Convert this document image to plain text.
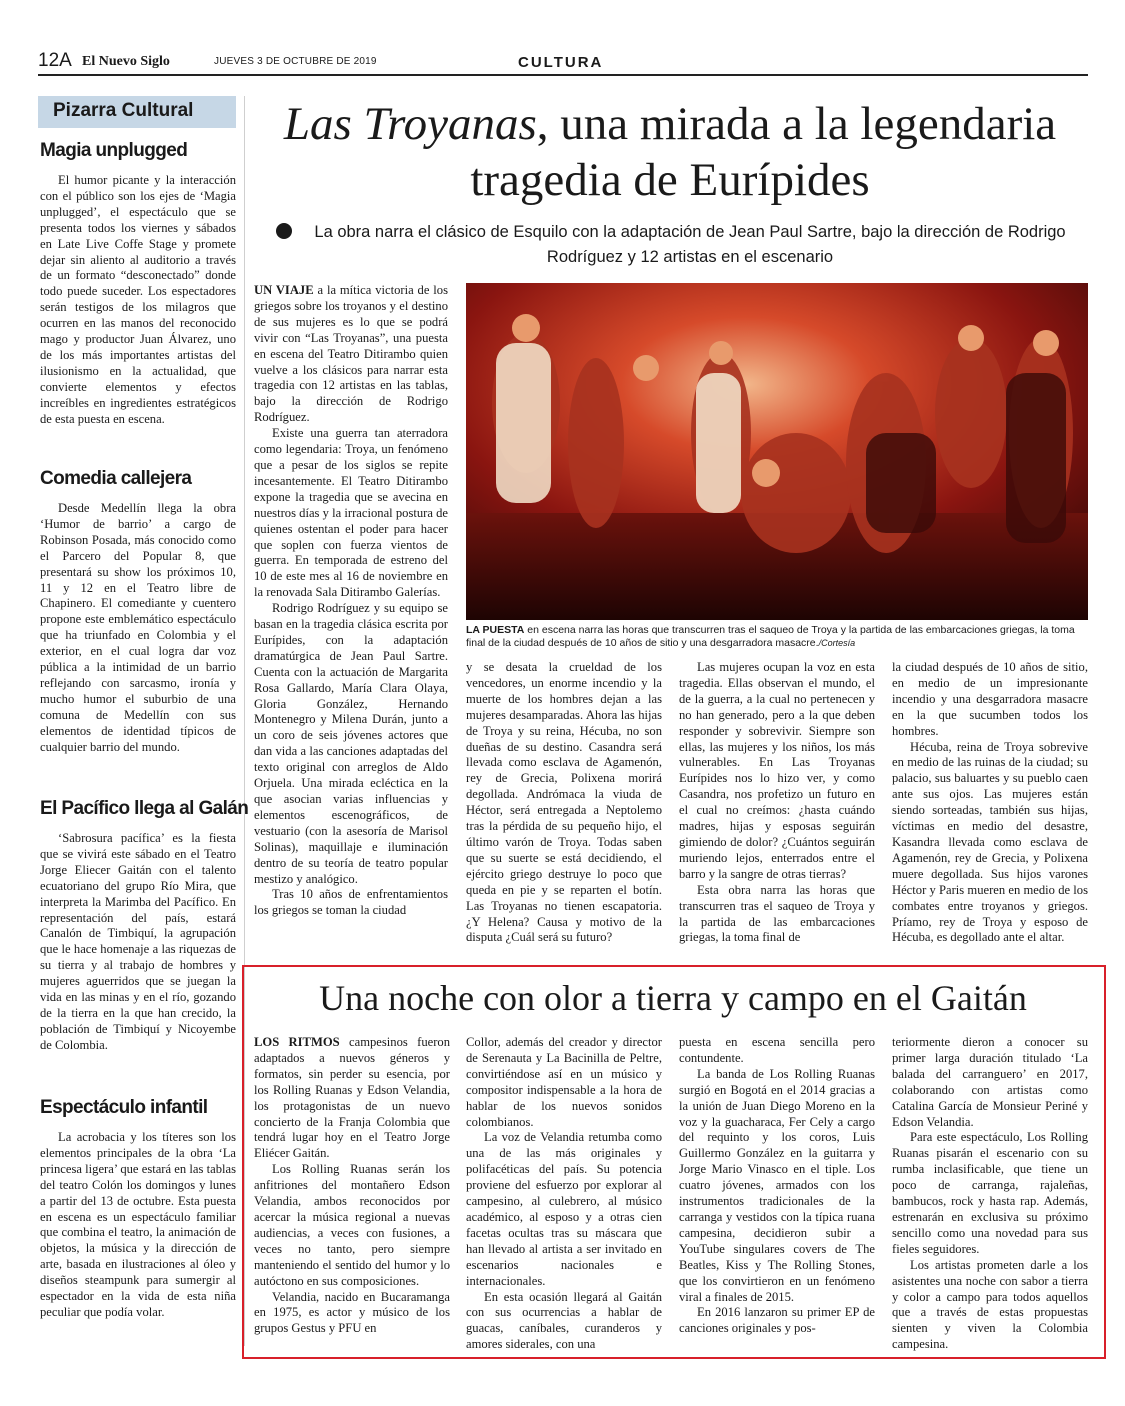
12A El Nuevo Siglo	JUEVES 3 DE OCTUBRE DE 2019	CULTURA
Pizarra Cultural
Magia unplugged

El humor picante y la interacción con el público son los ejes de ‘Magia unplugged’, el espectáculo que se presenta todos los viernes y sábados en Late Live Coffe Stage y promete dejar sin aliento al auditorio a través de un formato “desconectado” donde todo puede suceder. Los espectadores serán testigos de los milagros que ocurren en las manos del reconocido mago y productor Juan Álvarez, uno de los más importantes artistas del ilusionismo en la actualidad, que convierte elementos y efectos increíbles en ingredientes estratégicos de esta puesta en escena.

Comedia callejera

Desde Medellín llega la obra ‘Humor de barrio’ a cargo de Robinson Posada, más conocido como el Parcero del Popular 8, que presentará su show los próximos 10, 11 y 12 en el Teatro libre de Chapinero. El comediante y cuentero propone este emblemático espectáculo que ha triunfado en Colombia y el exterior, en el cual logra dar voz pública a la intimidad de un barrio reflejando con sarcasmo, ironía y mucho humor el suburbio de una comuna de Medellín con sus elementos de identidad típicos de cualquier barrio del mundo.

El Pacífico llega al Galán

‘Sabrosura pacífica’ es la fiesta que se vivirá este sábado en el Teatro Jorge Eliecer Gaitán con el talento ecuatoriano del grupo Río Mira, que interpreta la Marimba del Pacífico. En representación del país, estará Canalón de Timbiquí, la agrupación que le hace homenaje a las riquezas de su tierra y al trabajo de hombres y mujeres aguerridos que se juegan la vida en las minas y en el río, gozando de la tierra en la que han crecido, la población de Timbiquí y Nicoyembe de Colombia.

Espectáculo infantil

La acrobacia y los títeres son los elementos principales de la obra ‘La princesa ligera’ que estará en las tablas del teatro Colón los domingos y lunes a partir del 13 de octubre. Esta puesta en escena es un espectáculo familiar que combina el teatro, la animación de objetos, la música y la dirección de arte, basada en ilustraciones al óleo y diseños steampunk para sumergir al espectador en la vida de esta niña peculiar que podía volar.

Las Troyanas, una mirada a la legendaria tragedia de Eurípides

La obra narra el clásico de Esquilo con la adaptación de Jean Paul Sartre, bajo la dirección de Rodrigo Rodríguez y 12 artistas en el escenario

UN VIAJE a la mítica victoria de los griegos sobre los troyanos y el destino de sus mujeres es lo que se podrá vivir con “Las Troyanas”, una puesta en escena del Teatro Ditirambo quien vuelve a los clásicos para narrar esta tragedia con 12 artistas en las tablas, bajo la dirección de Rodrigo Rodríguez.

Existe una guerra tan aterradora como legendaria: Troya, un fenómeno que a pesar de los siglos se repite incesantemente. El Teatro Ditirambo expone la tragedia que se avecina en nuestros días y la irracional postura de quienes ostentan el poder para hacer que soplen con fuerza vientos de guerra. En temporada de estreno del 10 de este mes al 16 de noviembre en la renovada Sala Ditirambo Galerías.

Rodrigo Rodríguez y su equipo se basan en la tragedia clásica escrita por Eurípides, con la adaptación dramatúrgica de Jean Paul Sartre. Cuenta con la actuación de Margarita Rosa Gallardo, María Clara Olaya, Gloria González, Hernando Montenegro y Milena Durán, junto a un coro de seis jóvenes actores que dan vida a las canciones adaptadas del texto original con arreglos de Aldo Orjuela. Una mirada ecléctica en la que asocian varias influencias y elementos escenográficos, de vestuario (con la asesoría de Marisol Solinas), maquillaje e iluminación dentro de su teoría de teatro popular mestizo y analógico.

Tras 10 años de enfrentamientos los griegos se toman la ciudad

LA PUESTA en escena narra las horas que transcurren tras el saqueo de Troya y la partida de las embarcaciones griegas, la toma final de la ciudad después de 10 años de sitio y una desgarradora masacre./Cortesía

y se desata la crueldad de los vencedores, un enorme incendio y la muerte de los hombres dejan a las mujeres desamparadas. Ahora las hijas de Troya y su reina, Hécuba, no son dueñas de su destino. Casandra será llevada como esclava de Agamenón, rey de Grecia, Polixena morirá degollada. Andrómaca la viuda de Héctor, será entregada a Neptolemo tras la pérdida de su pequeño hijo, el último varón de Troya. Todas saben que su suerte se está decidiendo, el ejército griego destruye lo poco que queda en pie y se reparten el botín. Las Troyanas no tienen escapatoria. ¿Y Helena? Causa y motivo de la disputa ¿Cuál será su futuro?

Las mujeres ocupan la voz en esta tragedia. Ellas observan el mundo, el de la guerra, a la cual no pertenecen y no han generado, pero a la que deben responder y sobrevivir. Siempre son ellas, las mujeres y los niños, los más vulnerables. En Las Troyanas Eurípides nos lo hizo ver, y como Casandra, nos profetizo un futuro en el cual no creímos: ¿hasta cuándo madres, hijas y esposas seguirán gimiendo de dolor? ¿Cuántos seguirán muriendo lejos, enterrados entre el barro y la sangre de otras tierras?

Esta obra narra las horas que transcurren tras el saqueo de Troya y la partida de las embarcaciones griegas, la toma final de

la ciudad después de 10 años de sitio, en medio de un impresionante incendio y una desgarradora masacre en la que sucumben todos los hombres.

Hécuba, reina de Troya sobrevive en medio de las ruinas de la ciudad; su palacio, sus baluartes y su pueblo caen ante sus ojos. Las mujeres están siendo sorteadas, también sus hijas, víctimas en medio del desastre, Kasandra llevada como esclava de Agamenón, rey de Grecia, y Polixena muere degollada. Sus hijos varones Héctor y Paris mueren en medio de los combates entre troyanos y griegos. Príamo, rey de Troya y esposo de Hécuba, es degollado ante el altar.

Una noche con olor a tierra y campo en el Gaitán

LOS RITMOS campesinos fueron adaptados a nuevos géneros y formatos, sin perder su esencia, por los Rolling Ruanas y Edson Velandia, los protagonistas de un nuevo concierto de la Franja Colombia que tendrá lugar hoy en el Teatro Jorge Eliécer Gaitán.

Los Rolling Ruanas serán los anfitriones del montañero Edson Velandia, ambos reconocidos por acercar la música regional a nuevas audiencias, a veces con fusiones, a veces no tanto, pero siempre manteniendo el sentido del humor y lo autóctono en sus composiciones.

Velandia, nacido en Bucaramanga en 1975, es actor y músico de los grupos Gestus y PFU en

Collor, además del creador y director de Serenauta y La Bacinilla de Peltre, convirtiéndose así en un músico y compositor indispensable a la hora de hablar de los nuevos sonidos colombianos.

La voz de Velandia retumba como una de las más originales y polifacéticas del país. Su potencia proviene del esfuerzo por explorar al campesino, al culebrero, al músico académico, al esposo y a otras cien facetas ocultas tras su máscara que han llevado al artista a ser invitado en escenarios nacionales e internacionales.

En esta ocasión llegará al Gaitán con sus ocurrencias a hablar de guacas, caníbales, curanderos y amores siderales, con una

puesta en escena sencilla pero contundente.

La banda de Los Rolling Ruanas surgió en Bogotá en el 2014 gracias a la unión de Juan Diego Moreno en la voz y la guacharaca, Fer Cely a cargo del requinto y los coros, Luis Guillermo González en la guitarra y Jorge Mario Vinasco en el tiple. Los cuatro jóvenes, armados con los instrumentos tradicionales de la carranga y vestidos con la típica ruana campesina, decidieron subir a YouTube singulares covers de The Beatles, Kiss y The Rolling Stones, que los convirtieron en un fenómeno viral a finales de 2015.

En 2016 lanzaron su primer EP de canciones originales y pos-

teriormente dieron a conocer su primer larga duración titulado ‘La balada del carranguero’ en 2017, colaborando con artistas como Catalina García de Monsieur Periné y Edson Velandia.

Para este espectáculo, Los Rolling Ruanas pisarán el escenario con su rumba inclasificable, que tiene un poco de carranga, rajaleñas, bambucos, rock y hasta rap. Además, estrenarán en exclusiva su próximo sencillo como una novedad para sus fieles seguidores.

Los artistas prometen darle a los asistentes una noche con sabor a tierra y color a campo para todos aquellos que a través de estas propuestas sienten y viven la Colombia campesina.
